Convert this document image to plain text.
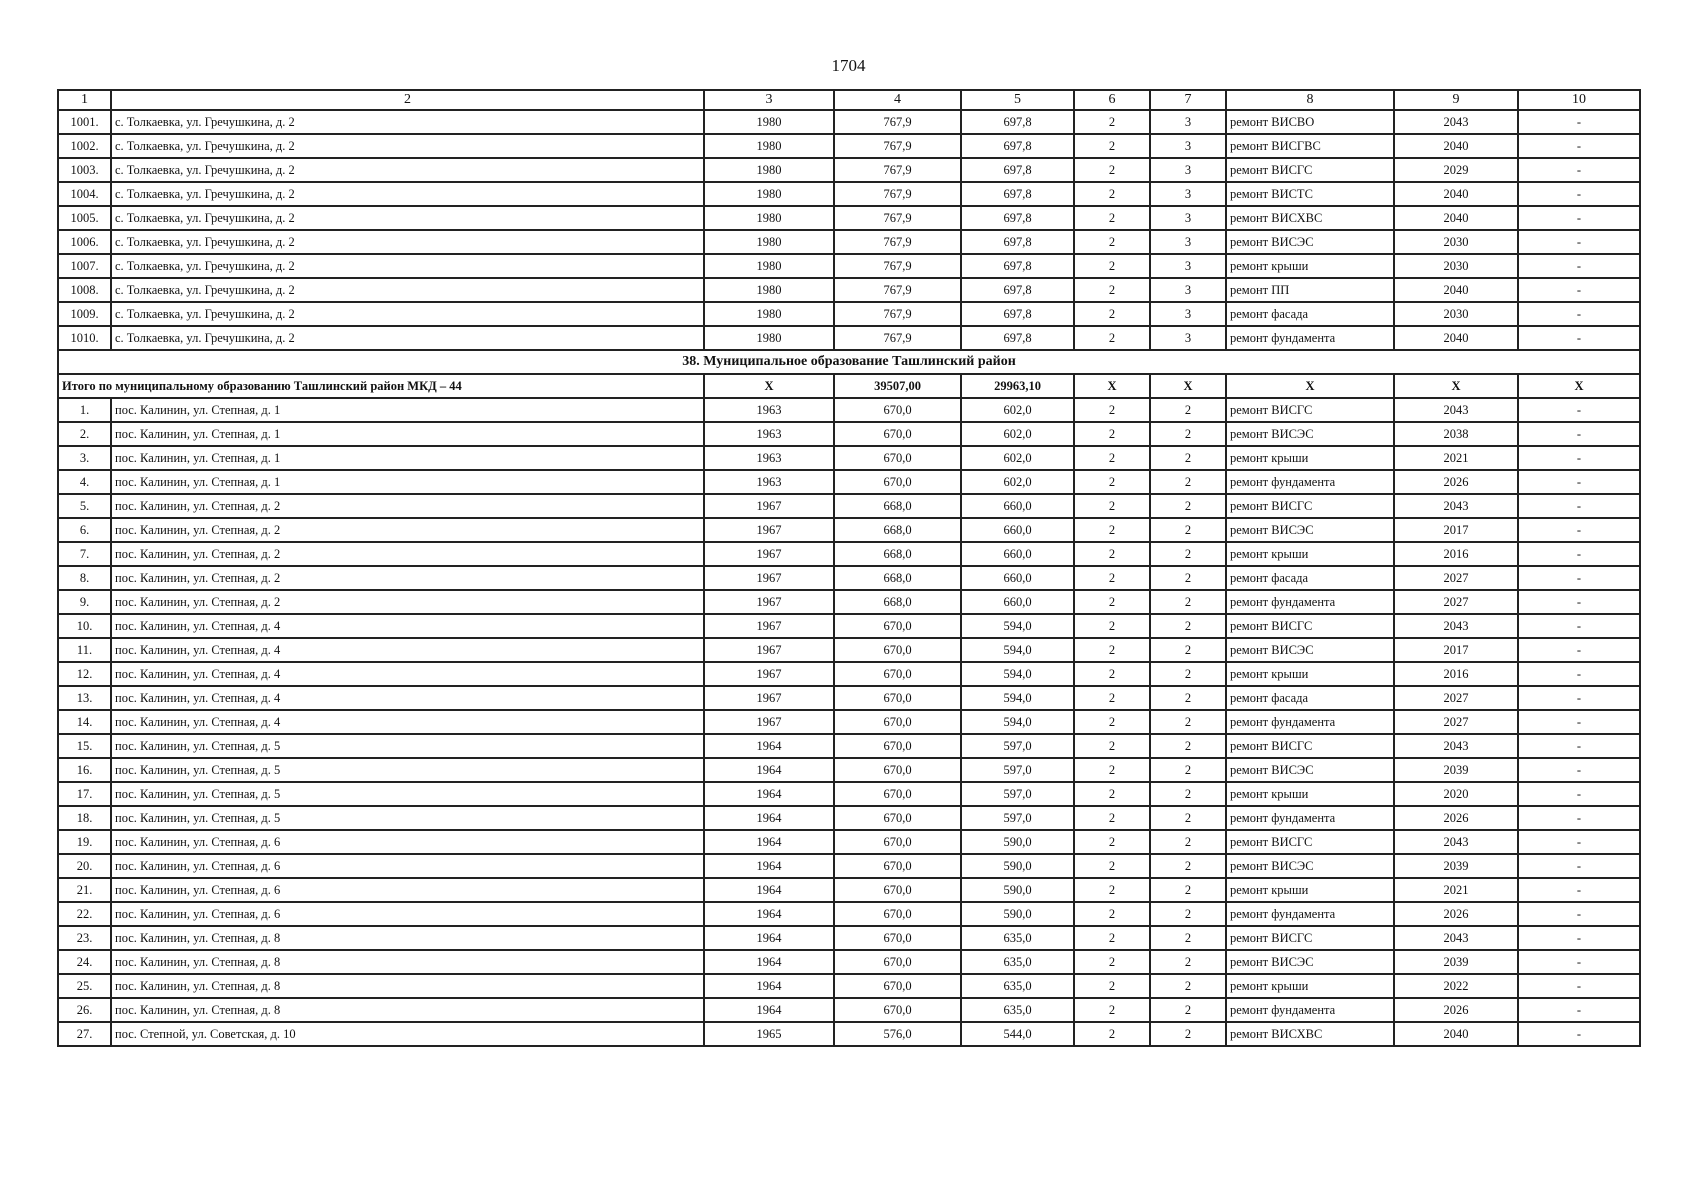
1704
1	2	3	4	5	6	7	8	9	10
1001.	с. Толкаевка, ул. Гречушкина, д. 2	1980	767,9	697,8	2	3	ремонт ВИСВО	2043	-
1002.	с. Толкаевка, ул. Гречушкина, д. 2	1980	767,9	697,8	2	3	ремонт ВИСГВС	2040	-
1003.	с. Толкаевка, ул. Гречушкина, д. 2	1980	767,9	697,8	2	3	ремонт ВИСГС	2029	-
1004.	с. Толкаевка, ул. Гречушкина, д. 2	1980	767,9	697,8	2	3	ремонт ВИСТС	2040	-
1005.	с. Толкаевка, ул. Гречушкина, д. 2	1980	767,9	697,8	2	3	ремонт ВИСХВС	2040	-
1006.	с. Толкаевка, ул. Гречушкина, д. 2	1980	767,9	697,8	2	3	ремонт ВИСЭС	2030	-
1007.	с. Толкаевка, ул. Гречушкина, д. 2	1980	767,9	697,8	2	3	ремонт крыши	2030	-
1008.	с. Толкаевка, ул. Гречушкина, д. 2	1980	767,9	697,8	2	3	ремонт ПП	2040	-
1009.	с. Толкаевка, ул. Гречушкина, д. 2	1980	767,9	697,8	2	3	ремонт фасада	2030	-
1010.	с. Толкаевка, ул. Гречушкина, д. 2	1980	767,9	697,8	2	3	ремонт фундамента	2040	-
38. Муниципальное образование Ташлинский район									
Итого по муниципальному образованию Ташлинский район МКД – 44		X	39507,00	29963,10	X	X	X	X	X
1.	пос. Калинин, ул. Степная, д. 1	1963	670,0	602,0	2	2	ремонт ВИСГС	2043	-
2.	пос. Калинин, ул. Степная, д. 1	1963	670,0	602,0	2	2	ремонт ВИСЭС	2038	-
3.	пос. Калинин, ул. Степная, д. 1	1963	670,0	602,0	2	2	ремонт крыши	2021	-
4.	пос. Калинин, ул. Степная, д. 1	1963	670,0	602,0	2	2	ремонт фундамента	2026	-
5.	пос. Калинин, ул. Степная, д. 2	1967	668,0	660,0	2	2	ремонт ВИСГС	2043	-
6.	пос. Калинин, ул. Степная, д. 2	1967	668,0	660,0	2	2	ремонт ВИСЭС	2017	-
7.	пос. Калинин, ул. Степная, д. 2	1967	668,0	660,0	2	2	ремонт крыши	2016	-
8.	пос. Калинин, ул. Степная, д. 2	1967	668,0	660,0	2	2	ремонт фасада	2027	-
9.	пос. Калинин, ул. Степная, д. 2	1967	668,0	660,0	2	2	ремонт фундамента	2027	-
10.	пос. Калинин, ул. Степная, д. 4	1967	670,0	594,0	2	2	ремонт ВИСГС	2043	-
11.	пос. Калинин, ул. Степная, д. 4	1967	670,0	594,0	2	2	ремонт ВИСЭС	2017	-
12.	пос. Калинин, ул. Степная, д. 4	1967	670,0	594,0	2	2	ремонт крыши	2016	-
13.	пос. Калинин, ул. Степная, д. 4	1967	670,0	594,0	2	2	ремонт фасада	2027	-
14.	пос. Калинин, ул. Степная, д. 4	1967	670,0	594,0	2	2	ремонт фундамента	2027	-
15.	пос. Калинин, ул. Степная, д. 5	1964	670,0	597,0	2	2	ремонт ВИСГС	2043	-
16.	пос. Калинин, ул. Степная, д. 5	1964	670,0	597,0	2	2	ремонт ВИСЭС	2039	-
17.	пос. Калинин, ул. Степная, д. 5	1964	670,0	597,0	2	2	ремонт крыши	2020	-
18.	пос. Калинин, ул. Степная, д. 5	1964	670,0	597,0	2	2	ремонт фундамента	2026	-
19.	пос. Калинин, ул. Степная, д. 6	1964	670,0	590,0	2	2	ремонт ВИСГС	2043	-
20.	пос. Калинин, ул. Степная, д. 6	1964	670,0	590,0	2	2	ремонт ВИСЭС	2039	-
21.	пос. Калинин, ул. Степная, д. 6	1964	670,0	590,0	2	2	ремонт крыши	2021	-
22.	пос. Калинин, ул. Степная, д. 6	1964	670,0	590,0	2	2	ремонт фундамента	2026	-
23.	пос. Калинин, ул. Степная, д. 8	1964	670,0	635,0	2	2	ремонт ВИСГС	2043	-
24.	пос. Калинин, ул. Степная, д. 8	1964	670,0	635,0	2	2	ремонт ВИСЭС	2039	-
25.	пос. Калинин, ул. Степная, д. 8	1964	670,0	635,0	2	2	ремонт крыши	2022	-
26.	пос. Калинин, ул. Степная, д. 8	1964	670,0	635,0	2	2	ремонт фундамента	2026	-
27.	пос. Степной, ул. Советская, д. 10	1965	576,0	544,0	2	2	ремонт ВИСХВС	2040	-
